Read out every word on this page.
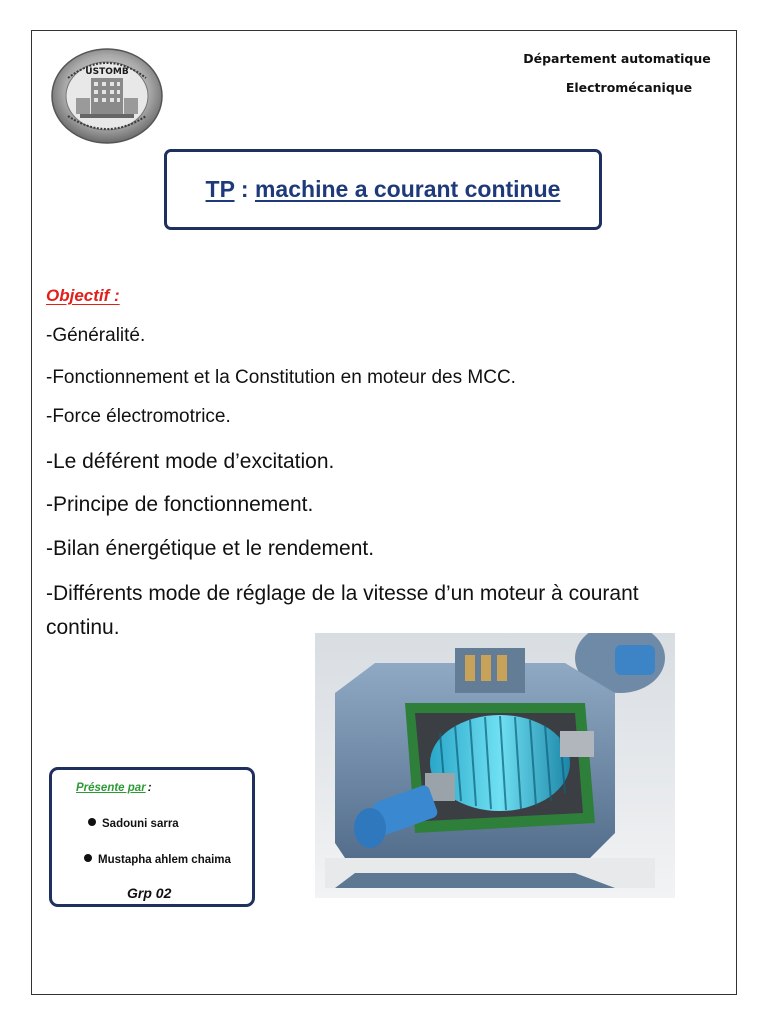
USTOMB
Département automatique
Electromécanique
TP : machine a courant continue
Objectif :
-Généralité.
-Fonctionnement et la Constitution en moteur des MCC.
-Force électromotrice.
-Le déférent mode d’excitation.
-Principe de fonctionnement.
-Bilan énergétique et le rendement.
-Différents mode de réglage de la vitesse d’un moteur à courant continu.
Présente par :
Sadouni sarra
Mustapha ahlem chaima
Grp 02
